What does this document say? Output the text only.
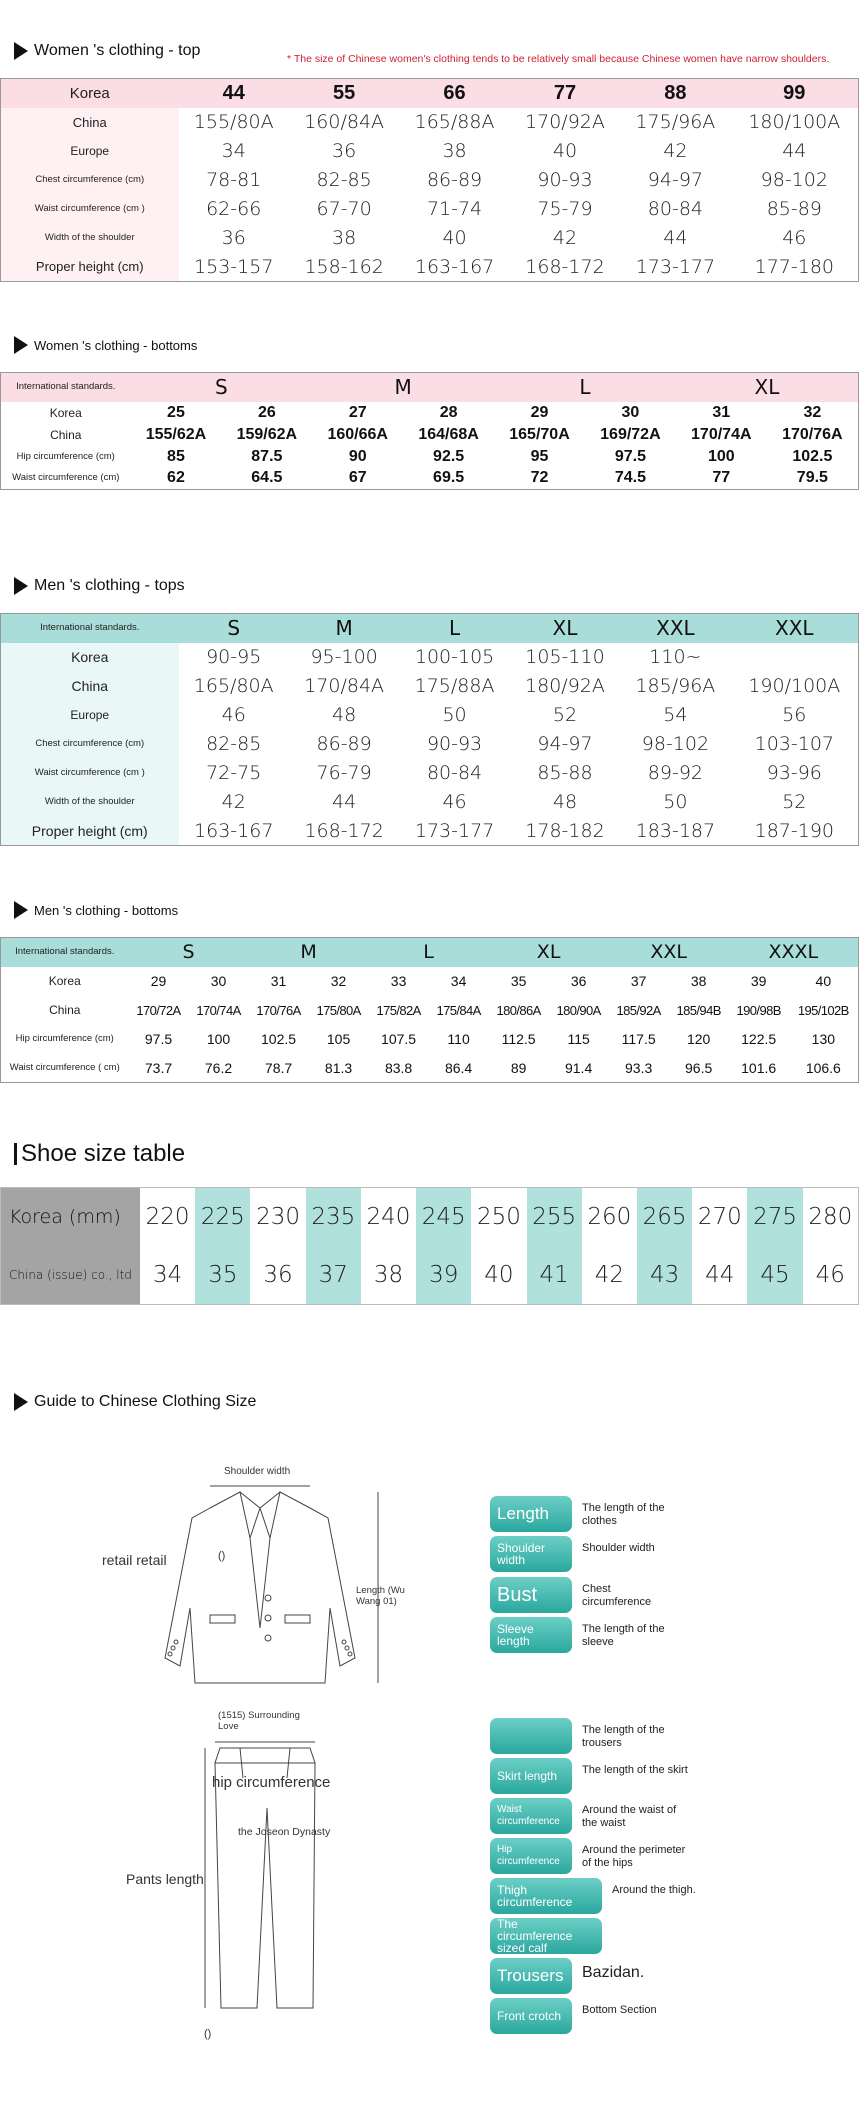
Women 's clothing - top	* The size of Chinese women's clothing tends to be relatively small because Chinese women have narrow shoulders.
Korea	44	55	66	77	88	99
China	155/80A	160/84A	165/88A	170/92A	175/96A	180/100A
Europe	34	36	38	40	42	44
Chest circumference (cm)	78-81	82-85	86-89	90-93	94-97	98-102
Waist circumference (cm )	62-66	67-70	71-74	75-79	80-84	85-89
Width of the shoulder	36	38	40	42	44	46
Proper height (cm)	153-157	158-162	163-167	168-172	173-177	177-180
Women 's clothing - bottoms
International standards.	S		M		L		XL	
Korea	25	26	27	28	29	30	31	32
China	155/62A	159/62A	160/66A	164/68A	165/70A	169/72A	170/74A	170/76A
Hip circumference (cm)	85	87.5	90	92.5	95	97.5	100	102.5
Waist circumference (cm)	62	64.5	67	69.5	72	74.5	77	79.5
Men 's clothing - tops
International standards.	S	M	L	XL	XXL	XXL
Korea	90-95	95-100	100-105	105-110	110~	
China	165/80A	170/84A	175/88A	180/92A	185/96A	190/100A
Europe	46	48	50	52	54	56
Chest circumference (cm)	82-85	86-89	90-93	94-97	98-102	103-107
Waist circumference (cm )	72-75	76-79	80-84	85-88	89-92	93-96
Width of the shoulder	42	44	46	48	50	52
Proper height (cm)	163-167	168-172	173-177	178-182	183-187	187-190
Men 's clothing - bottoms
International standards.	S		M		L		XL		XXL		XXXL	
Korea	29	30	31	32	33	34	35	36	37	38	39	40
China	170/72A	170/74A	170/76A	175/80A	175/82A	175/84A	180/86A	180/90A	185/92A	185/94B	190/98B	195/102B
Hip circumference (cm)	97.5	100	102.5	105	107.5	110	112.5	115	117.5	120	122.5	130
Waist circumference ( cm)	73.7	76.2	78.7	81.3	83.8	86.4	89	91.4	93.3	96.5	101.6	106.6
Shoe size table
Korea (mm)	220	225	230	235	240	245	250	255	260	265	270	275	280
China (issue) co., ltd	34	35	36	37	38	39	40	41	42	43	44	45	46
Guide to Chinese Clothing Size
Shoulder width
retail retail
Length (Wu Wang 01)
()
(1515) Surrounding Love
hip circumference
the Joseon Dynasty
Pants length
()
Length	The length of the clothes
Shoulder width
Shoulder width
Bust	Chest circumference
Sleeve length
The length of the sleeve
The length of the trousers
Skirt length	The length of the skirt
Waist circumference
Around the waist of the waist
Hip circumference
Around the perimeter of the hips
Thigh circumference
Around the thigh.
The circumference sized calf
Trousers	Bazidan.
Front crotch	Bottom Section
